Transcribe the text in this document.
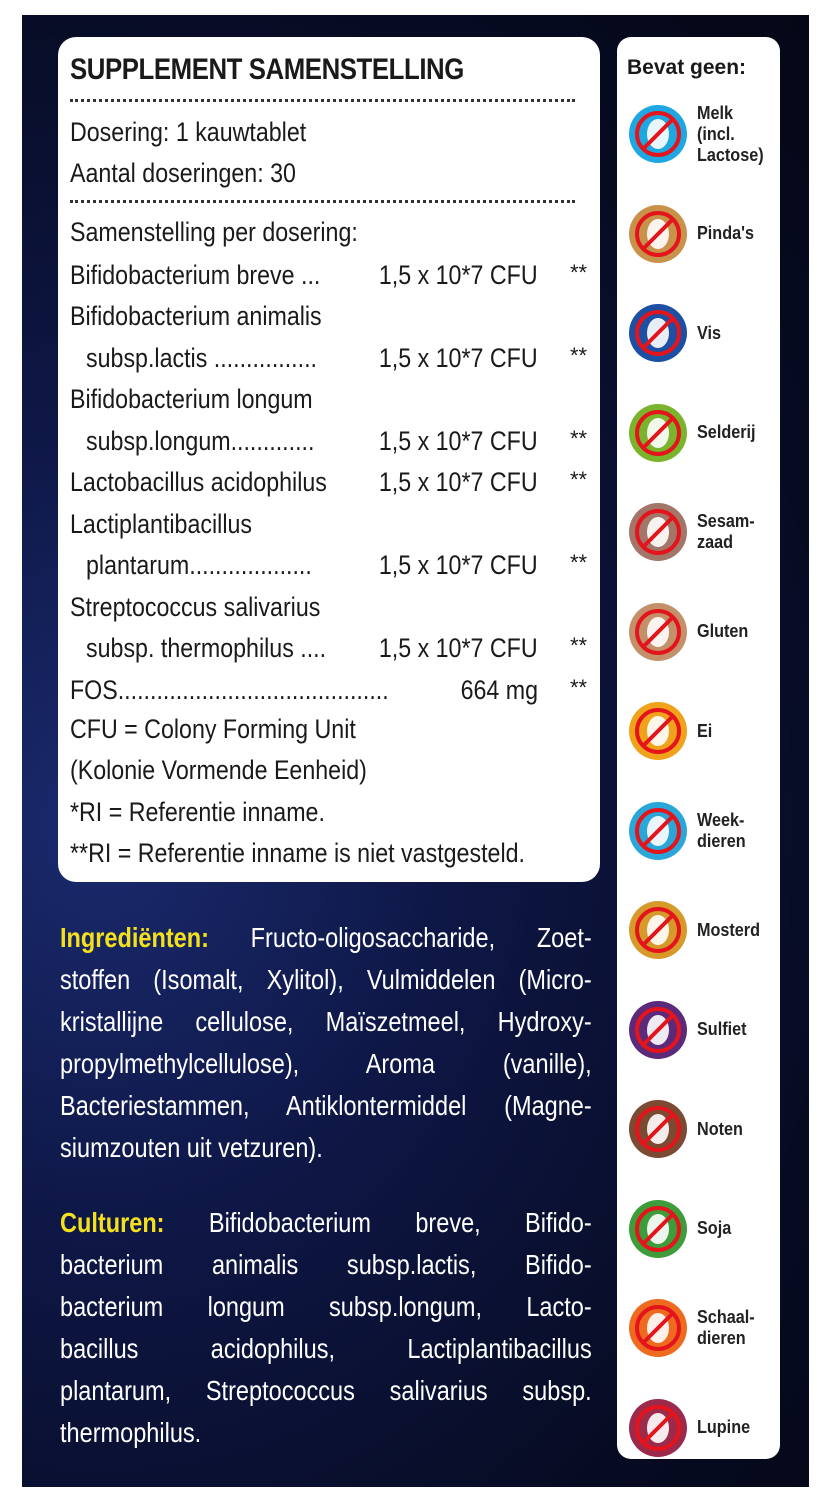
SUPPLEMENT SAMENSTELLING
Dosering: 1 kauwtablet
Aantal doseringen: 30
Samenstelling per dosering:
Bifidobacterium breve ... 1,5 x 10*7 CFU **
Bifidobacterium animalis
subsp.lactis ................ 1,5 x 10*7 CFU **
Bifidobacterium longum
subsp.longum............. 1,5 x 10*7 CFU **
Lactobacillus acidophilus 1,5 x 10*7 CFU **
Lactiplantibacillus
plantarum................... 1,5 x 10*7 CFU **
Streptococcus salivarius
subsp. thermophilus .... 1,5 x 10*7 CFU **
FOS..........................................	664 mg **
CFU = Colony Forming Unit
(Kolonie Vormende Eenheid)
*RI = Referentie inname.
**RI = Referentie inname is niet vastgesteld.
Bevat geen:
Melk
(incl.
Lactose)
Pinda's
Vis
Selderij
Sesam-
zaad
Gluten
Ei
Week-
dieren
Mosterd
Sulfiet
Noten
Soja
Schaal-
dieren
Lupine
Ingrediënten: Fructo-oligosaccharide, Zoet-
stoffen (Isomalt, Xylitol), Vulmiddelen (Micro-
kristallijne cellulose, Maïszetmeel, Hydroxy-
propylmethylcellulose), Aroma (vanille),
Bacteriestammen, Antiklontermiddel (Magne-
siumzouten uit vetzuren).
Culturen: Bifidobacterium breve, Bifido-
bacterium animalis subsp.lactis, Bifido-
bacterium longum subsp.longum, Lacto-
bacillus acidophilus, Lactiplantibacillus
plantarum, Streptococcus salivarius subsp.
thermophilus.
